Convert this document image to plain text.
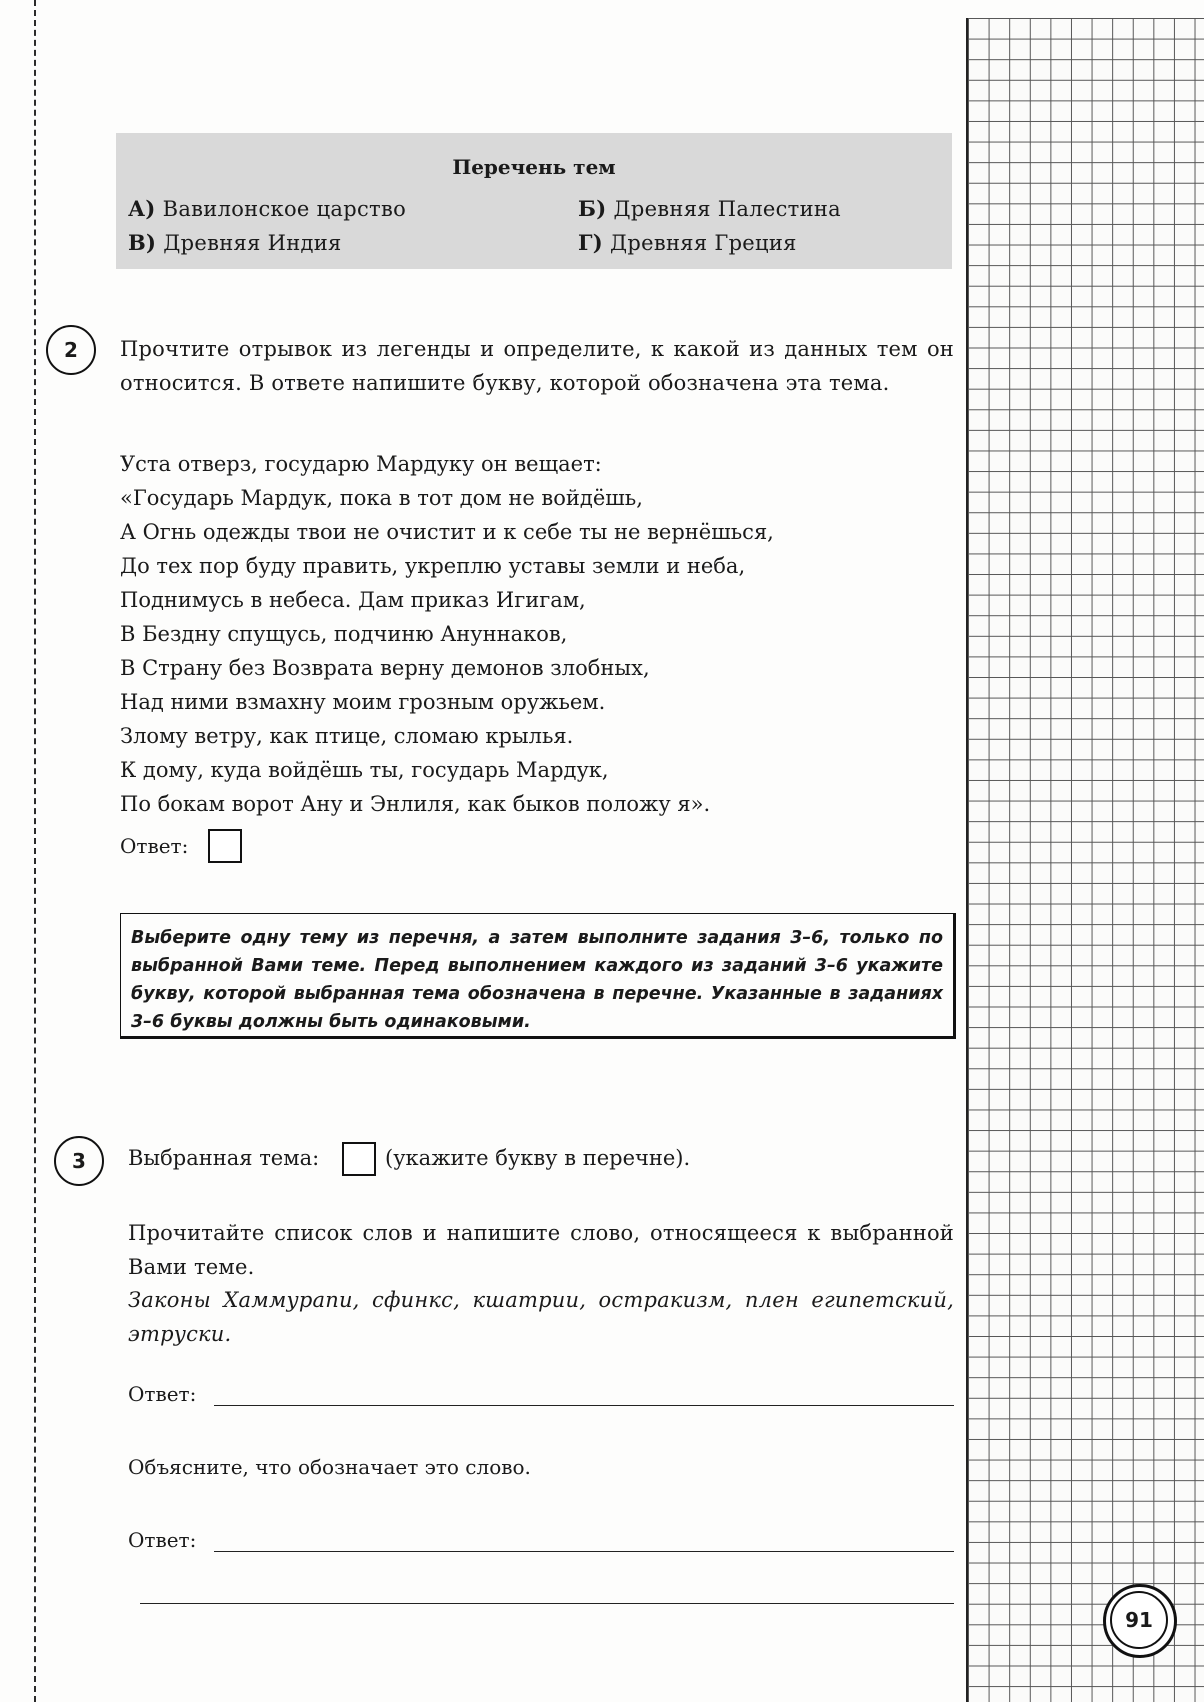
Перечень тем
А) Вавилонское царство	Б) Древняя Палестина
В) Древняя Индия	Г) Древняя Греция
2	Прочтите отрывок из легенды и определите, к какой из данных тем он относится. В ответе напишите букву, которой обозначена эта тема.
Уста отверз, государю Мардуку он вещает:
«Государь Мардук, пока в тот дом не войдёшь,
А Огнь одежды твои не очистит и к себе ты не вернёшься,
До тех пор буду править, укреплю уставы земли и неба,
Поднимусь в небеса. Дам приказ Игигам,
В Бездну спущусь, подчиню Ануннаков,
В Страну без Возврата верну демонов злобных,
Над ними взмахну моим грозным оружьем.
Злому ветру, как птице, сломаю крылья.
К дому, куда войдёшь ты, государь Мардук,
По бокам ворот Ану и Энлиля, как быков положу я».
Ответ:
Выберите одну тему из перечня, а затем выполните задания 3–6, только по выбранной Вами теме. Перед выполнением каждого из заданий 3–6 укажите букву, которой выбранная тема обозначена в перечне. Указанные в заданиях 3–6 буквы должны быть одинаковыми.
3	Выбранная тема:	(укажите букву в перечне).
Прочитайте список слов и напишите слово, относящееся к выбранной Вами теме.
Законы Хаммурапи, сфинкс, кшатрии, остракизм, плен египетский, этруски.
Ответ:
Объясните, что обозначает это слово.
Ответ:
91
